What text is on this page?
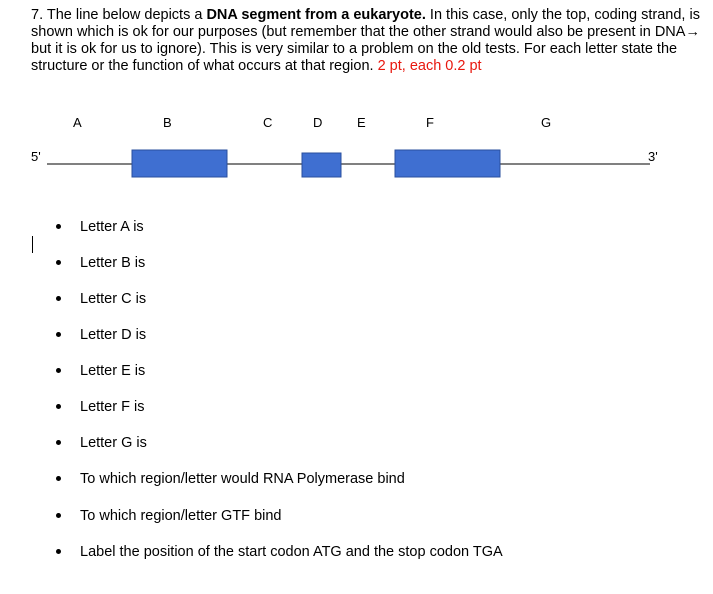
7. The line below depicts a DNA segment from a eukaryote. In this case, only the top, coding strand, is shown which is ok for our purposes (but remember that the other strand would also be present in DNA→ but it is ok for us to ignore). This is very similar to a problem on the old tests. For each letter state the structure or the function of what occurs at that region. 2 pt, each 0.2 pt
5'	3'
A	B	C	D	E	F	G
Letter A is
Letter B is
Letter C is
Letter D is
Letter E is
Letter F is
Letter G is
To which region/letter would RNA Polymerase bind
To which region/letter GTF bind
Label the position of the start codon ATG and the stop codon TGA
